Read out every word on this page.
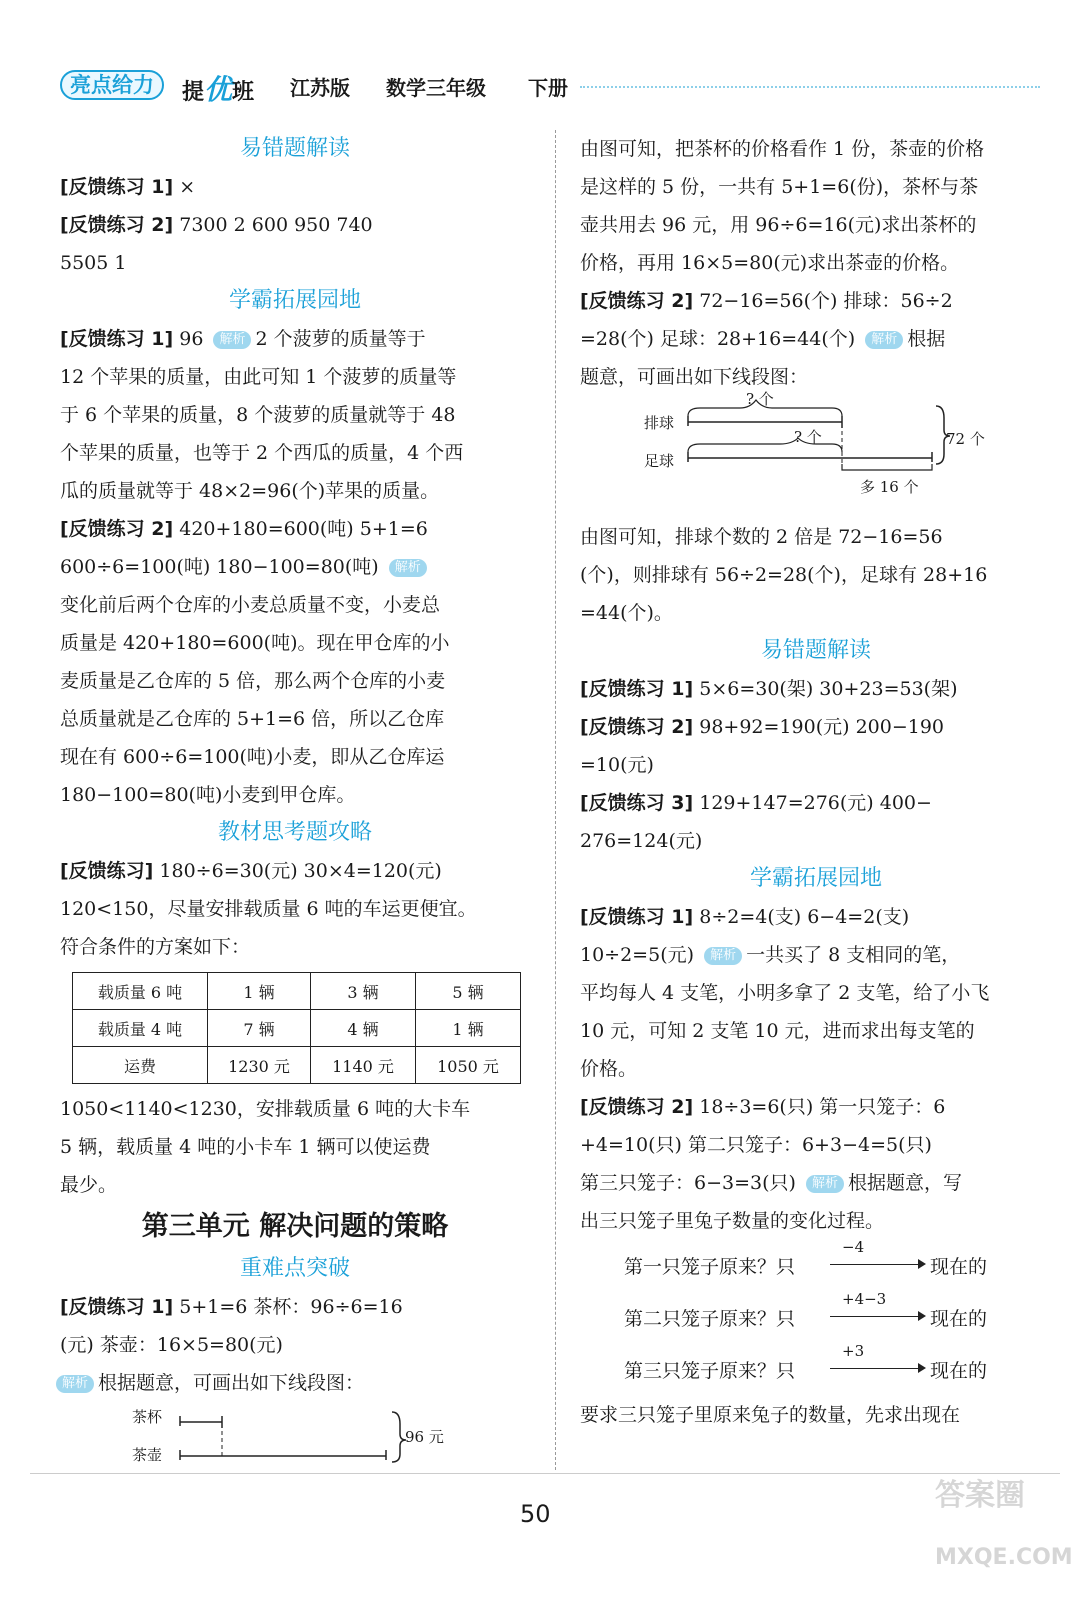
亮点给力	提优班 江苏版 数学三年级 下册
易错题解读
[反馈练习 1] ×
[反馈练习 2] 7300 2 600 950 740
5505 1
学霸拓展园地
[反馈练习 1] 96 解析 2 个菠萝的质量等于
12 个苹果的质量，由此可知 1 个菠萝的质量等
于 6 个苹果的质量，8 个菠萝的质量就等于 48
个苹果的质量，也等于 2 个西瓜的质量，4 个西
瓜的质量就等于 48×2=96(个)苹果的质量。
[反馈练习 2] 420+180=600(吨) 5+1=6
600÷6=100(吨) 180−100=80(吨) 解析
变化前后两个仓库的小麦总质量不变，小麦总
质量是 420+180=600(吨)。现在甲仓库的小
麦质量是乙仓库的 5 倍，那么两个仓库的小麦
总质量就是乙仓库的 5+1=6 倍，所以乙仓库
现在有 600÷6=100(吨)小麦，即从乙仓库运
180−100=80(吨)小麦到甲仓库。
教材思考题攻略
[反馈练习] 180÷6=30(元) 30×4=120(元)
120<150，尽量安排载质量 6 吨的车运更便宜。
符合条件的方案如下：
载质量 6 吨	1 辆	3 辆	5 辆
载质量 4 吨	7 辆	4 辆	1 辆
运费	1230 元	1140 元	1050 元
1050<1140<1230，安排载质量 6 吨的大卡车
5 辆，载质量 4 吨的小卡车 1 辆可以使运费
最少。
第三单元 解决问题的策略
重难点突破
[反馈练习 1] 5+1=6 茶杯：96÷6=16
(元) 茶壶：16×5=80(元)
解析 根据题意，可画出如下线段图：
茶杯
茶壶
96 元
由图可知，把茶杯的价格看作 1 份，茶壶的价格
是这样的 5 份，一共有 5+1=6(份)，茶杯与茶
壶共用去 96 元，用 96÷6=16(元)求出茶杯的
价格，再用 16×5=80(元)求出茶壶的价格。
[反馈练习 2] 72−16=56(个) 排球：56÷2
=28(个) 足球：28+16=44(个) 解析 根据
题意，可画出如下线段图：
排球
足球
? 个
? 个	72 个
多 16 个
由图可知，排球个数的 2 倍是 72−16=56
(个)，则排球有 56÷2=28(个)，足球有 28+16
=44(个)。
易错题解读
[反馈练习 1] 5×6=30(架) 30+23=53(架)
[反馈练习 2] 98+92=190(元) 200−190
=10(元)
[反馈练习 3] 129+147=276(元) 400−
276=124(元)
学霸拓展园地
[反馈练习 1] 8÷2=4(支) 6−4=2(支)
10÷2=5(元) 解析 一共买了 8 支相同的笔，
平均每人 4 支笔，小明多拿了 2 支笔，给了小飞
10 元，可知 2 支笔 10 元，进而求出每支笔的
价格。
[反馈练习 2] 18÷3=6(只) 第一只笼子：6
+4=10(只) 第二只笼子：6+3−4=5(只)
第三只笼子：6−3=3(只) 解析 根据题意，写
出三只笼子里兔子数量的变化过程。
第一只笼子原来？只
−4
现在的
第二只笼子原来？只
+4−3
现在的
第三只笼子原来？只
+3
现在的
要求三只笼子里原来兔子的数量，先求出现在
50
答案圈
MXQE.COM
